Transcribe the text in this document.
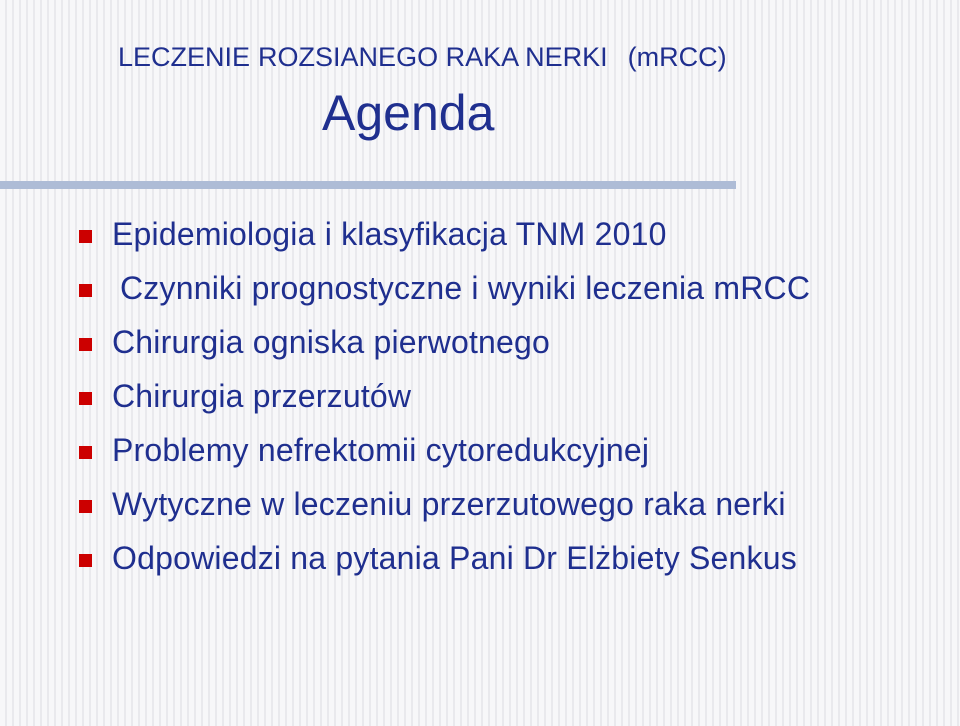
LECZENIE ROZSIANEGO RAKA NERKI (mRCC)
Agenda
Epidemiologia i klasyfikacja TNM 2010
Czynniki prognostyczne i wyniki leczenia mRCC
Chirurgia ogniska pierwotnego
Chirurgia przerzutów
Problemy nefrektomii cytoredukcyjnej
Wytyczne w leczeniu przerzutowego raka nerki
Odpowiedzi na pytania Pani Dr Elżbiety Senkus
